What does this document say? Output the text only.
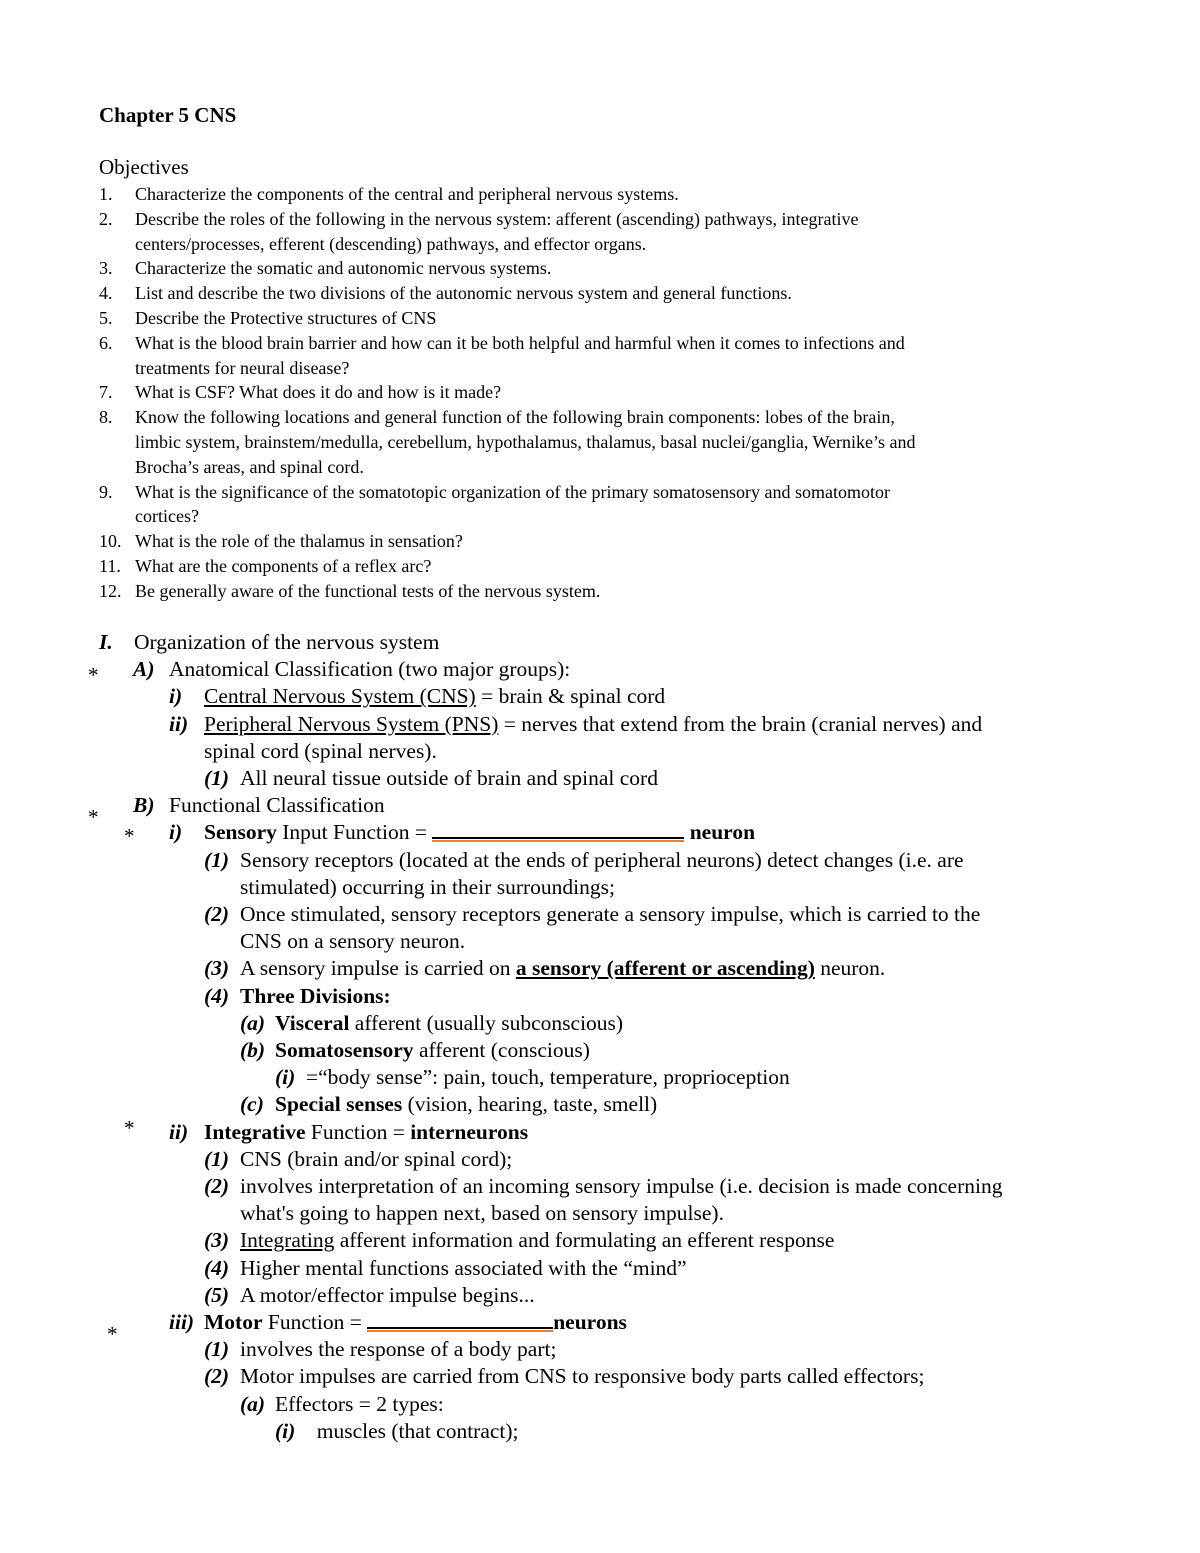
Chapter 5 CNS
Objectives
1. Characterize the components of the central and peripheral nervous systems.
2. Describe the roles of the following in the nervous system: afferent (ascending) pathways, integrative
centers/processes, efferent (descending) pathways, and effector organs.
3. Characterize the somatic and autonomic nervous systems.
4. List and describe the two divisions of the autonomic nervous system and general functions.
5. Describe the Protective structures of CNS
6. What is the blood brain barrier and how can it be both helpful and harmful when it comes to infections and
treatments for neural disease?
7. What is CSF? What does it do and how is it made?
8. Know the following locations and general function of the following brain components: lobes of the brain,
limbic system, brainstem/medulla, cerebellum, hypothalamus, thalamus, basal nuclei/ganglia, Wernike’s and
Brocha’s areas, and spinal cord.
9. What is the significance of the somatotopic organization of the primary somatosensory and somatomotor
cortices?
10. What is the role of the thalamus in sensation?
11. What are the components of a reflex arc?
12. Be generally aware of the functional tests of the nervous system.
I. Organization of the nervous system
* A) Anatomical Classification (two major groups):
i) Central Nervous System (CNS) = brain & spinal cord
ii) Peripheral Nervous System (PNS) = nerves that extend from the brain (cranial nerves) and
spinal cord (spinal nerves).
(1) All neural tissue outside of brain and spinal cord
* B) Functional Classification
* i) Sensory Input Function =	neuron
(1) Sensory receptors (located at the ends of peripheral neurons) detect changes (i.e. are
stimulated) occurring in their surroundings;
(2) Once stimulated, sensory receptors generate a sensory impulse, which is carried to the
CNS on a sensory neuron.
(3) A sensory impulse is carried on a sensory (afferent or ascending) neuron.
(4) Three Divisions:
(a) Visceral afferent (usually subconscious)
(b) Somatosensory afferent (conscious)
(i) =“body sense”: pain, touch, temperature, proprioception
(c) Special senses (vision, hearing, taste, smell)
* ii) Integrative Function = interneurons
(1) CNS (brain and/or spinal cord);
(2) involves interpretation of an incoming sensory impulse (i.e. decision is made concerning
what's going to happen next, based on sensory impulse).
(3) Integrating afferent information and formulating an efferent response
(4) Higher mental functions associated with the “mind”
(5) A motor/effector impulse begins...
* iii) Motor Function =	neurons
(1) involves the response of a body part;
(2) Motor impulses are carried from CNS to responsive body parts called effectors;
(a) Effectors = 2 types:
(i) muscles (that contract);
